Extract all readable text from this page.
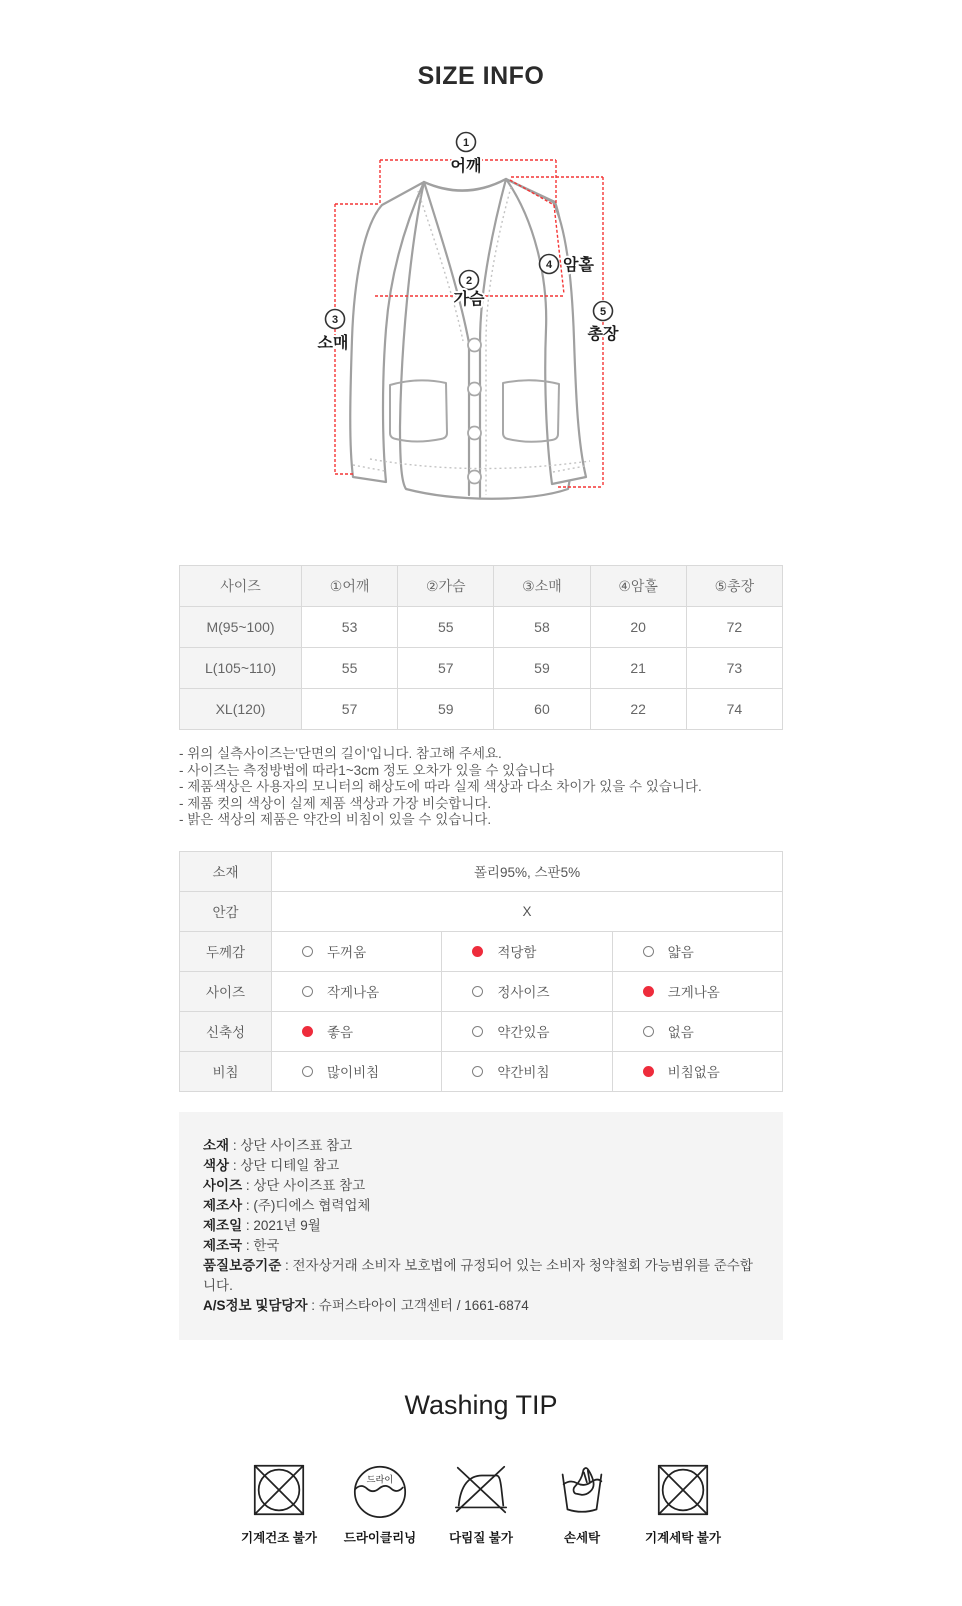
SIZE INFO
1
어깨
2
가슴
3
소매
4 암홀
5
총장
사이즈	①어깨	②가슴	③소매	④암홀	⑤총장
M(95~100)	53	55	58	20	72
L(105~110)	55	57	59	21	73
XL(120)	57	59	60	22	74
- 위의 실측사이즈는'단면의 길이'입니다. 참고해 주세요.
- 사이즈는 측정방법에 따라1~3cm 정도 오차가 있을 수 있습니다
- 제품색상은 사용자의 모니터의 해상도에 따라 실제 색상과 다소 차이가 있을 수 있습니다.
- 제품 컷의 색상이 실제 제품 색상과 가장 비슷합니다.
- 밝은 색상의 제품은 약간의 비침이 있을 수 있습니다.
소재	폴리95%, 스판5%		
안감	X		
두께감	두꺼움	적당함	얇음

사이즈	작게나옴	정사이즈	크게나옴

신축성	좋음	약간있음	없음

비침	많이비침	약간비침	비침없음
소재 : 상단 사이즈표 참고
색상 : 상단 디테일 참고
사이즈 : 상단 사이즈표 참고
제조사 : (주)디에스 협력업체
제조일 : 2021년 9월
제조국 : 한국
품질보증기준 : 전자상거래 소비자 보호법에 규정되어 있는 소비자 청약철회 가능범위를 준수합니다.
A/S정보 및담당자 : 슈퍼스타아이 고객센터 / 1661-6874
Washing TIP
기계건조 불가
드라이
드라이클리닝	다림질 불가	손세탁	기계세탁 불가
